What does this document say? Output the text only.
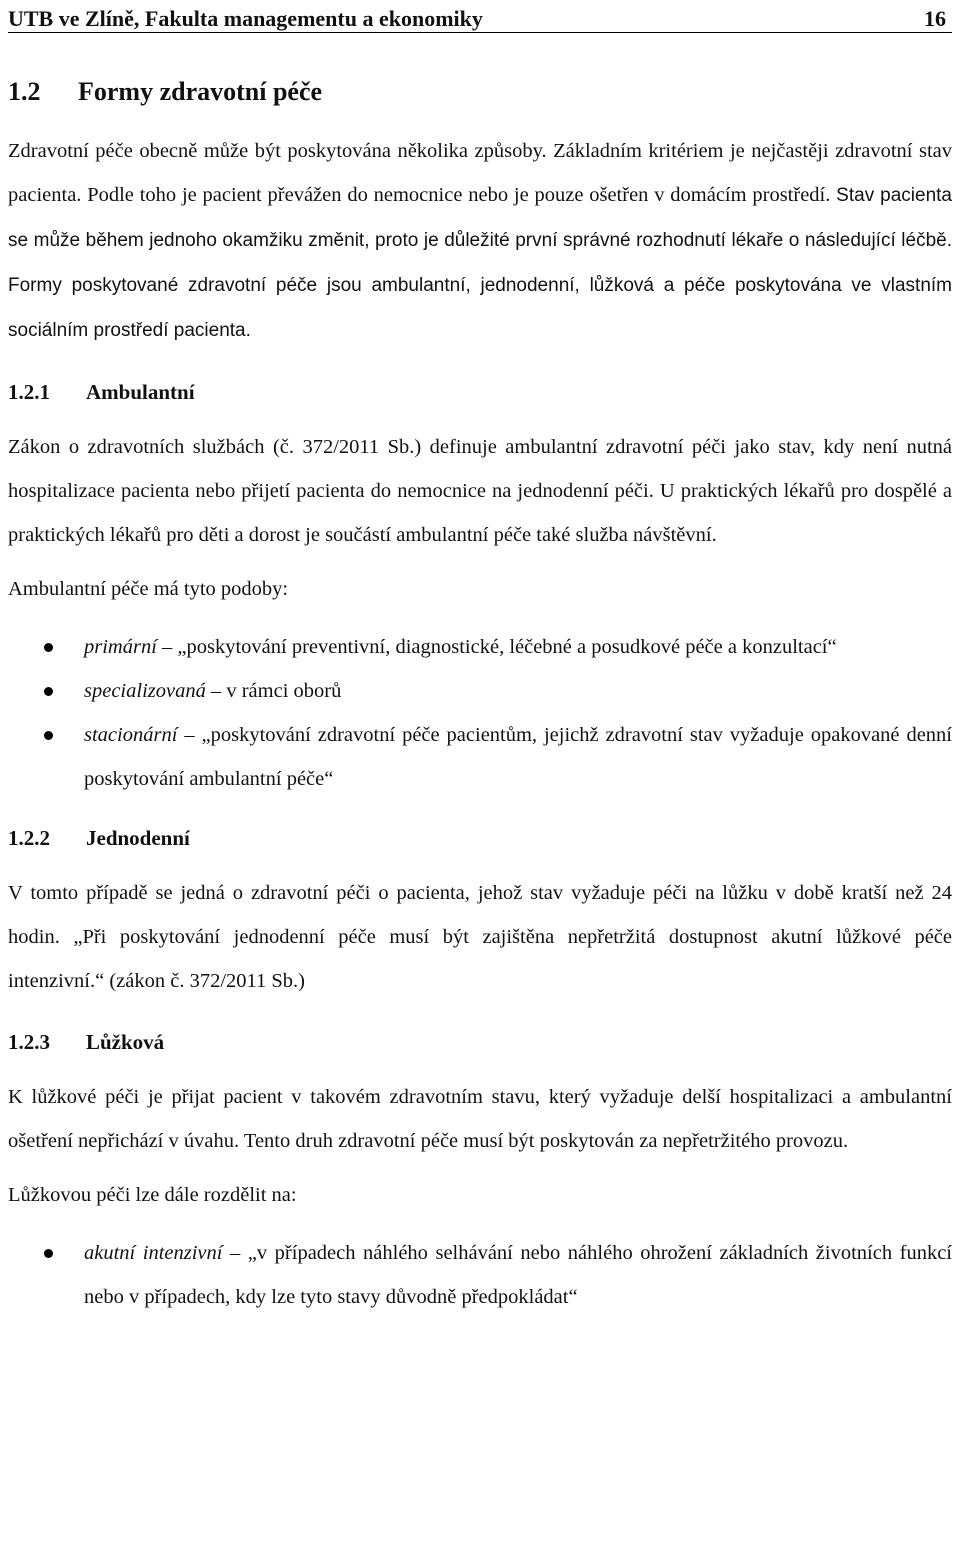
UTB ve Zlíně, Fakulta managementu a ekonomiky	16
1.2 Formy zdravotní péče

Zdravotní péče obecně může být poskytována několika způsoby. Základním kritériem je nejčastěji zdravotní stav pacienta. Podle toho je pacient převážen do nemocnice nebo je pouze ošetřen v domácím prostředí. Stav pacienta se může během jednoho okamžiku změnit, proto je důležité první správné rozhodnutí lékaře o následující léčbě. Formy poskytované zdravotní péče jsou ambulantní, jednodenní, lůžková a péče poskytována ve vlastním sociálním prostředí pacienta.

1.2.1 Ambulantní

Zákon o zdravotních službách (č. 372/2011 Sb.) definuje ambulantní zdravotní péči jako stav, kdy není nutná hospitalizace pacienta nebo přijetí pacienta do nemocnice na jednodenní péči. U praktických lékařů pro dospělé a praktických lékařů pro děti a dorost je součástí ambulantní péče také služba návštěvní.

Ambulantní péče má tyto podoby:

primární – „poskytování preventivní, diagnostické, léčebné a posudkové péče a konzultací“
specializovaná – v rámci oborů
stacionární – „poskytování zdravotní péče pacientům, jejichž zdravotní stav vyžaduje opakované denní poskytování ambulantní péče“
1.2.2 Jednodenní

V tomto případě se jedná o zdravotní péči o pacienta, jehož stav vyžaduje péči na lůžku v době kratší než 24 hodin. „Při poskytování jednodenní péče musí být zajištěna nepřetržitá dostupnost akutní lůžkové péče intenzivní.“ (zákon č. 372/2011 Sb.)

1.2.3 Lůžková

K lůžkové péči je přijat pacient v takovém zdravotním stavu, který vyžaduje delší hospitalizaci a ambulantní ošetření nepřichází v úvahu. Tento druh zdravotní péče musí být poskytován za nepřetržitého provozu.

Lůžkovou péči lze dále rozdělit na:

akutní intenzivní – „v případech náhlého selhávání nebo náhlého ohrožení základních životních funkcí nebo v případech, kdy lze tyto stavy důvodně předpokládat“
